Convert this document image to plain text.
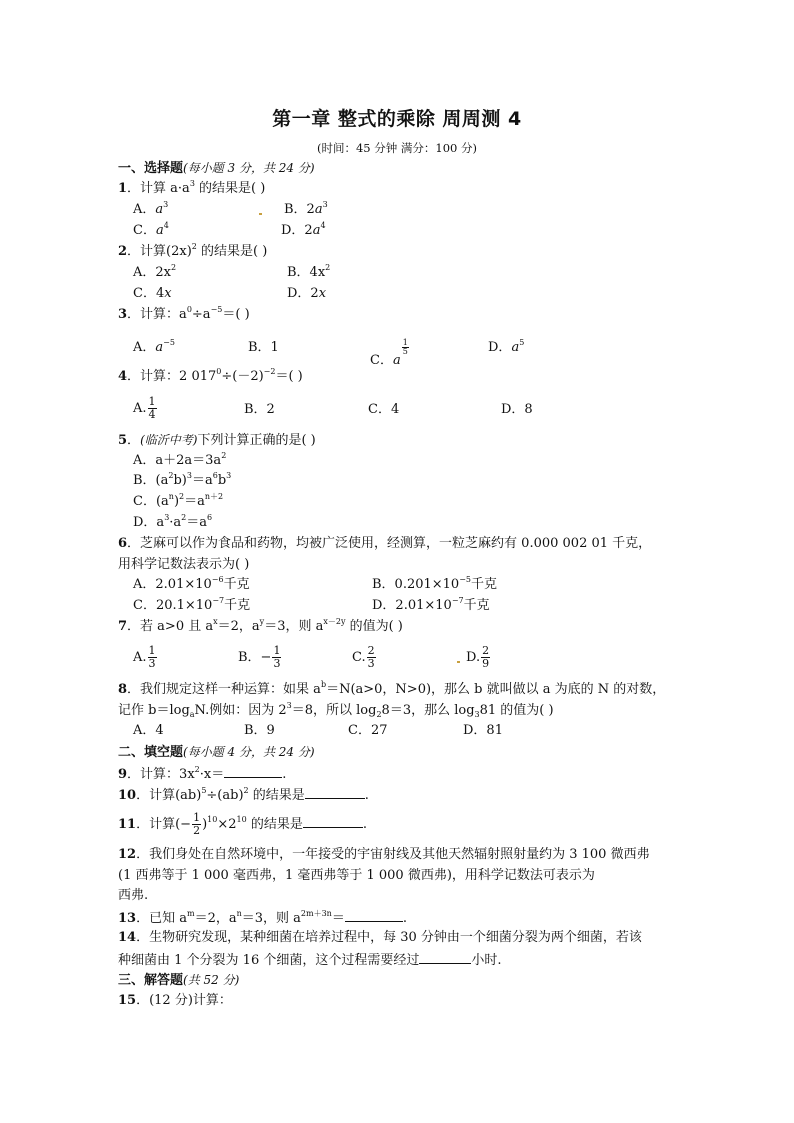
第一章 整式的乘除 周周测 4
(时间：45 分钟 满分：100 分)
一、选择题(每小题 3 分，共 24 分)
1．计算 $a\cdot a^3$ 的结果是( )
A．$a^3$	B．$2a^3$
C．$a^4$	D．$2a^4$
2．计算$(2x)^2$ 的结果是( )
A．$2x^2$	B．$4x^2$
C．4x	D．2x
3．计算：$a^0\div a^{-5}=$( )
A．$a^{-5}$	B．1
C．a
$\frac{1}{5}$	D．$a^5$
4．计算：2 $017^0\div(-2)^{-2}=$( )
A. $\frac{1}{4}$	B．2	C．4	D．8
5．(临沂中考)下列计算正确的是( )
A．$a+2a=3a^2$
B．$(a^2b)^3=a^6b^3$
C．$(a^n)^2=a^{n+2}$
D．$a^3\cdot a^2=a^6$
6．芝麻可以作为食品和药物，均被广泛使用，经测算，一粒芝麻约有 0.000 002 01 千克，
用科学记数法表示为( )
A．$2.01\times 10^{-6}$千克	B．$0.201\times 10^{-5}$千克
C．$20.1\times 10^{-7}$千克	D．$2.01\times 10^{-7}$千克
7．若 a>0 且 $a^x=2$，$a^y=3$，则 $a^{x-2y}$ 的值为( )
A. $\frac{1}{3}$	B．− $\frac{1}{3}$	C. $\frac{2}{3}$	D. $\frac{2}{9}$
8．我们规定这样一种运算：如果 $a^b=N(a>0$，N>0)，那么 b 就叫做以 a 为底的 N 的对数，
记作 $b=\log_aN$.例如：因为 $2^3=8$，所以 $\log_28=3$，那么 $\log_381$ 的值为( )
A．4	B．9	C．27	D．81
二、填空题(每小题 4 分，共 24 分)
9．计算：$3x^2\cdot x=$	.
10．计算(ab)$^5$÷(ab)$^2$ 的结果是	.
11．计算(− $\frac{1}{2} )^{10}\times 2^{10}$ 的结果是	.
12．我们身处在自然环境中，一年接受的宇宙射线及其他天然辐射照射量约为 3 100 微西弗
(1 西弗等于 1 000 毫西弗，1 毫西弗等于 1 000 微西弗)，用科学记数法可表示为
西弗.
13．已知 $a^m=2$，$a^n=3$，则 $a^{2m+3n}=$	.
14．生物研究发现，某种细菌在培养过程中，每 30 分钟由一个细菌分裂为两个细菌，若该
种细菌由 1 个分裂为 16 个细菌，这个过程需要经过	小时.
三、解答题(共 52 分)
15．(12 分)计算：
